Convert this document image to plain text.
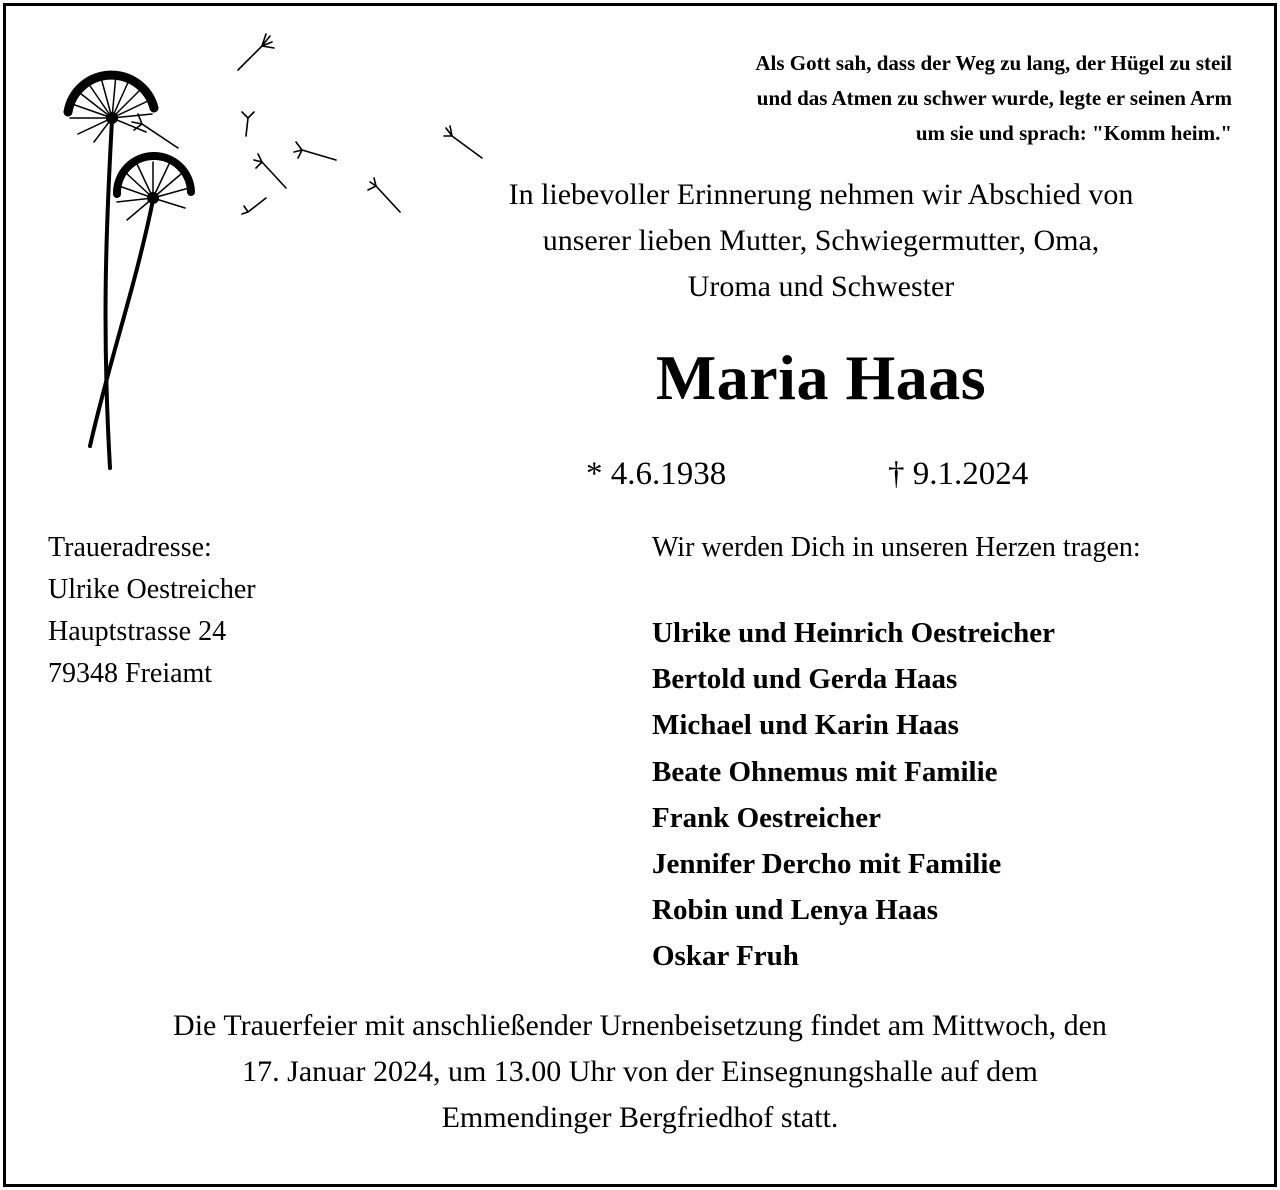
Als Gott sah, dass der Weg zu lang, der Hügel zu steil
und das Atmen zu schwer wurde, legte er seinen Arm
um sie und sprach: "Komm heim."
In liebevoller Erinnerung nehmen wir Abschied von
unserer lieben Mutter, Schwiegermutter, Oma,
Uroma und Schwester
Maria Haas
* 4.6.1938	† 9.1.2024
Traueradresse:
Ulrike Oestreicher
Hauptstrasse 24
79348 Freiamt
Wir werden Dich in unseren Herzen tragen:
Ulrike und Heinrich Oestreicher
Bertold und Gerda Haas
Michael und Karin Haas
Beate Ohnemus mit Familie
Frank Oestreicher
Jennifer Dercho mit Familie
Robin und Lenya Haas
Oskar Fruh
Die Trauerfeier mit anschließender Urnenbeisetzung findet am Mittwoch, den
17. Januar 2024, um 13.00 Uhr von der Einsegnungshalle auf dem
Emmendinger Bergfriedhof statt.
